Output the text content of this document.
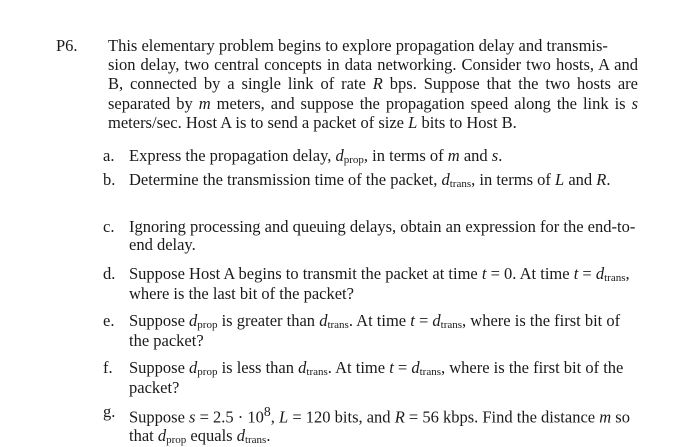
P6. This elementary problem begins to explore propagation delay and transmis-
sion delay, two central concepts in data networking. Consider two hosts, A and B, connected by a single link of rate R bps. Suppose that the two hosts are separated by m meters, and suppose the propagation speed along the link is s meters/sec. Host A is to send a packet of size L bits to Host B.
a. Express the propagation delay, $d_{prop}$, in terms of m and s.
b. Determine the transmission time of the packet, $d_{trans}$, in terms of L and R.
c. Ignoring processing and queuing delays, obtain an expression for the end-to-end delay.
d. Suppose Host A begins to transmit the packet at time t = 0. At time $t = d_{trans}$, where is the last bit of the packet?
e. Suppose $d_{prop}$ is greater than $d_{trans}$. At time $t = d_{trans}$, where is the first bit of the packet?
f. Suppose $d_{prop}$ is less than $d_{trans}$. At time $t = d_{trans}$, where is the first bit of the packet?
g. Suppose $s = 2.5 \cdot 10^8$, L = 120 bits, and R = 56 kbps. Find the distance m so that $d_{prop}$ equals $d_{trans}$.
